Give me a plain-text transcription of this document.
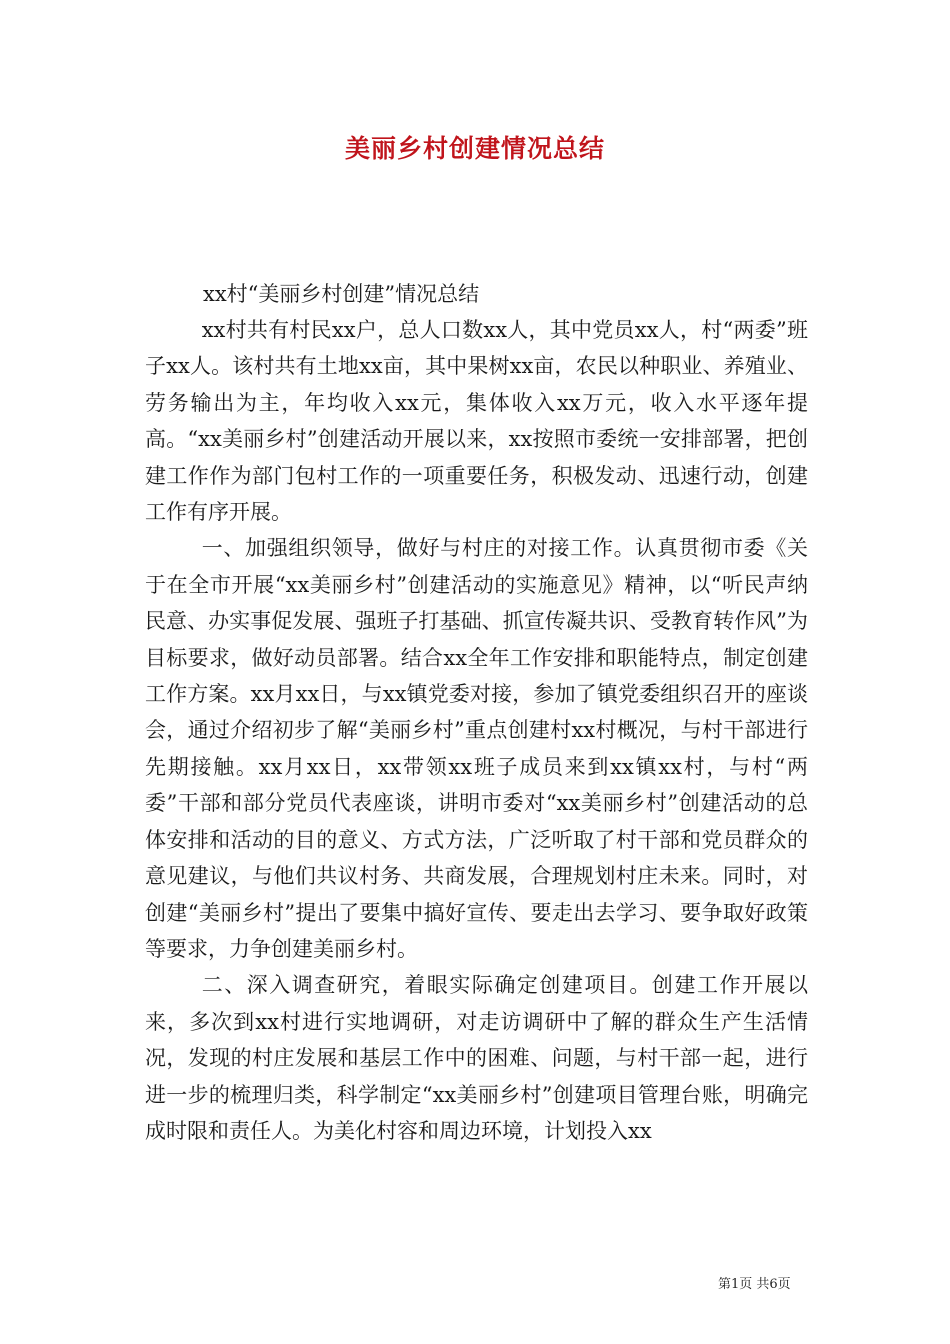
美丽乡村创建情况总结
xx村“美丽乡村创建”情况总结

xx村共有村民xx户，总人口数xx人，其中党员xx人，村“两委”班子xx人。该村共有土地xx亩，其中果树xx亩，农民以种职业、养殖业、劳务输出为主，年均收入xx元，集体收入xx万元，收入水平逐年提高。“xx美丽乡村”创建活动开展以来，xx按照市委统一安排部署，把创建工作作为部门包村工作的一项重要任务，积极发动、迅速行动，创建工作有序开展。

一、加强组织领导，做好与村庄的对接工作。认真贯彻市委《关于在全市开展“xx美丽乡村”创建活动的实施意见》精神，以“听民声纳民意、办实事促发展、强班子打基础、抓宣传凝共识、受教育转作风”为目标要求，做好动员部署。结合xx全年工作安排和职能特点，制定创建工作方案。xx月xx日，与xx镇党委对接，参加了镇党委组织召开的座谈会，通过介绍初步了解“美丽乡村”重点创建村xx村概况，与村干部进行先期接触。xx月xx日，xx带领xx班子成员来到xx镇xx村，与村“两委”干部和部分党员代表座谈，讲明市委对“xx美丽乡村”创建活动的总体安排和活动的目的意义、方式方法，广泛听取了村干部和党员群众的意见建议，与他们共议村务、共商发展，合理规划村庄未来。同时，对创建“美丽乡村”提出了要集中搞好宣传、要走出去学习、要争取好政策等要求，力争创建美丽乡村。

二、深入调查研究，着眼实际确定创建项目。创建工作开展以来，多次到xx村进行实地调研，对走访调研中了解的群众生产生活情况，发现的村庄发展和基层工作中的困难、问题，与村干部一起，进行进一步的梳理归类，科学制定“xx美丽乡村”创建项目管理台账，明确完成时限和责任人。为美化村容和周边环境，计划投入xx

第1页 共6页
